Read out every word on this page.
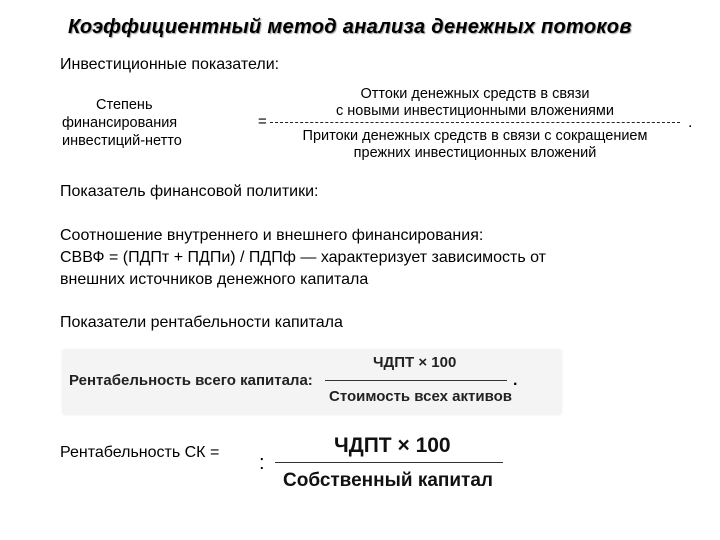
Коэффициентный метод анализа денежных потоков
Инвестиционные показатели:
Степень
финансирования
инвестиций-нетто
=
Оттоки денежных средств в связи
с новыми инвестиционными вложениями
Притоки денежных средств в связи с сокращением
прежних инвестиционных вложений
.
Показатель финансовой политики:
Соотношение внутреннего и внешнего финансирования:
СВВФ = (ПДПт + ПДПи) / ПДПф — характеризует зависимость от
внешних источников денежного капитала
Показатели рентабельности капитала
Рентабельность всего капитала:
ЧДПТ × 100
Стоимость всех активов
.
Рентабельность СК = :
ЧДПТ × 100
Собственный капитал
